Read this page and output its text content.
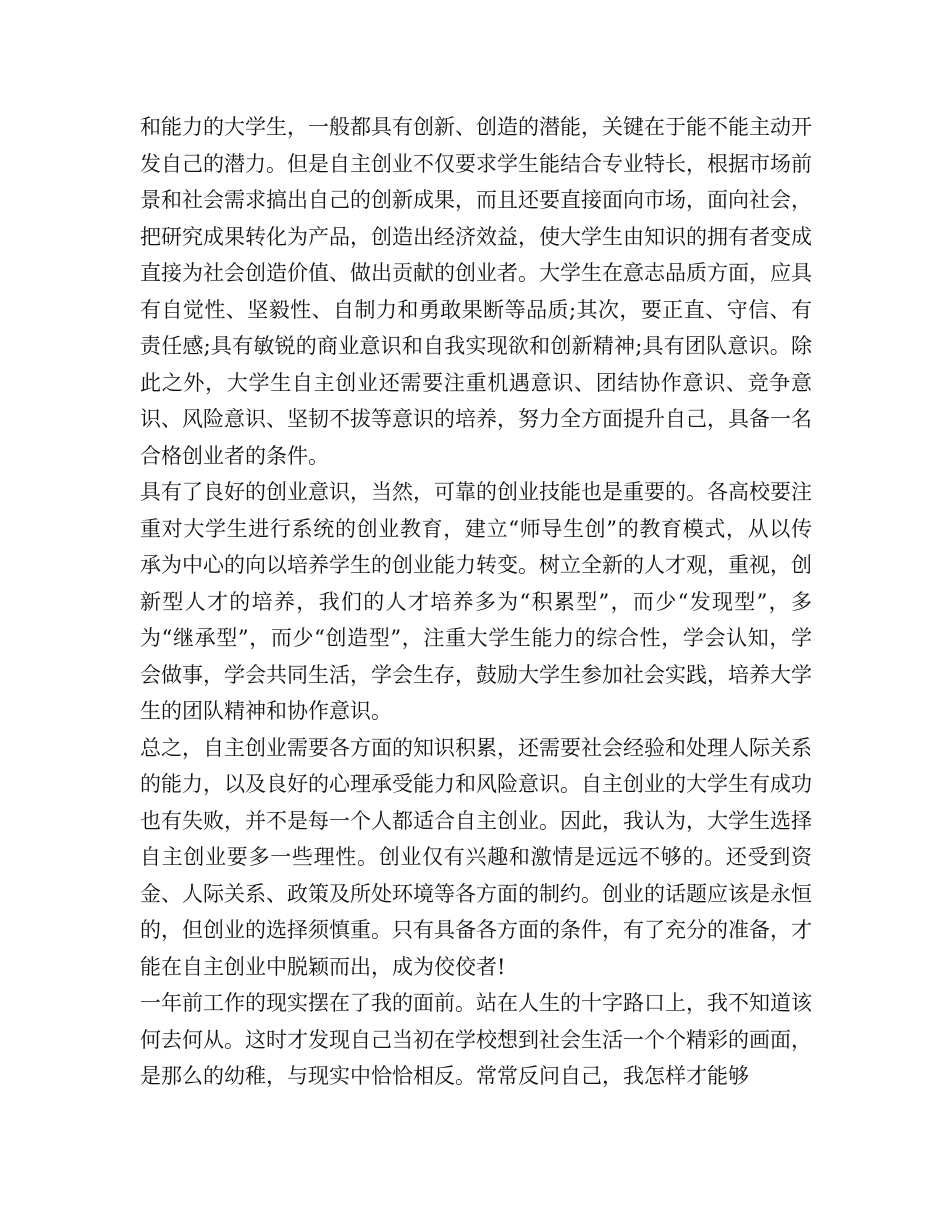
和能力的大学生，一般都具有创新、创造的潜能，关键在于能不能主动开发自己的潜力。但是自主创业不仅要求学生能结合专业特长，根据市场前景和社会需求搞出自己的创新成果，而且还要直接面向市场，面向社会，把研究成果转化为产品，创造出经济效益，使大学生由知识的拥有者变成直接为社会创造价值、做出贡献的创业者。大学生在意志品质方面，应具有自觉性、坚毅性、自制力和勇敢果断等品质;其次，要正直、守信、有责任感;具有敏锐的商业意识和自我实现欲和创新精神;具有团队意识。除此之外，大学生自主创业还需要注重机遇意识、团结协作意识、竞争意识、风险意识、坚韧不拔等意识的培养，努力全方面提升自己，具备一名合格创业者的条件。

具有了良好的创业意识，当然，可靠的创业技能也是重要的。各高校要注重对大学生进行系统的创业教育，建立“师导生创”的教育模式，从以传承为中心的向以培养学生的创业能力转变。树立全新的人才观，重视，创新型人才的培养，我们的人才培养多为“积累型”，而少“发现型”，多为“继承型”，而少“创造型”，注重大学生能力的综合性，学会认知，学会做事，学会共同生活，学会生存，鼓励大学生参加社会实践，培养大学生的团队精神和协作意识。

总之，自主创业需要各方面的知识积累，还需要社会经验和处理人际关系的能力，以及良好的心理承受能力和风险意识。自主创业的大学生有成功也有失败，并不是每一个人都适合自主创业。因此，我认为，大学生选择自主创业要多一些理性。创业仅有兴趣和激情是远远不够的。还受到资金、人际关系、政策及所处环境等各方面的制约。创业的话题应该是永恒的，但创业的选择须慎重。只有具备各方面的条件，有了充分的准备，才能在自主创业中脱颖而出，成为佼佼者!

一年前工作的现实摆在了我的面前。站在人生的十字路口上，我不知道该何去何从。这时才发现自己当初在学校想到社会生活一个个精彩的画面，是那么的幼稚，与现实中恰恰相反。常常反问自己，我怎样才能够
